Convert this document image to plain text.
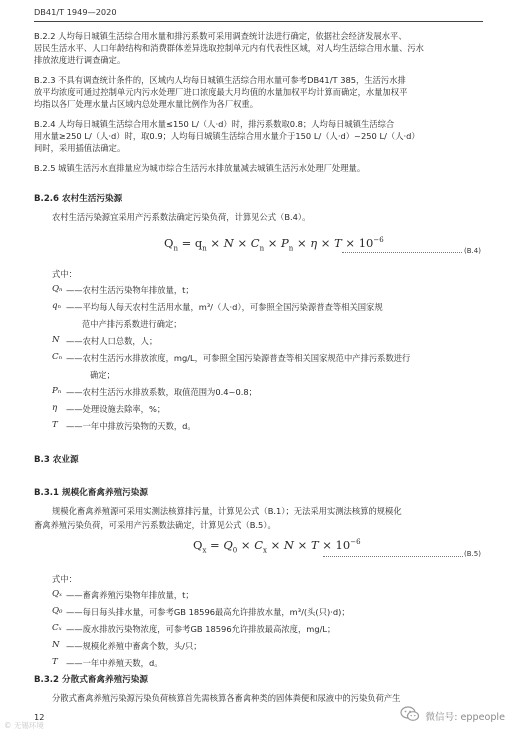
DB41/T 1949—2020
B.2.2 人均每日城镇生活综合用水量和排污系数可采用调查统计法进行确定，依据社会经济发展水平、
居民生活水平、人口年龄结构和消费群体差异选取控制单元内有代表性区域，对人均生活综合用水量、污水
排放浓度进行调查确定。
B.2.3 不具有调查统计条件的，区域内人均每日城镇生活综合用水量可参考DB41/T 385，生活污水排
放平均浓度可通过控制单元内污水处理厂进口浓度最大月均值的水量加权平均计算而确定，水量加权平
均指以各厂处理水量占区域内总处理水量比例作为各厂权重。
B.2.4 人均每日城镇生活综合用水量≤150 L/（人·d）时，排污系数取0.8；人均每日城镇生活综合
用水量≥250 L/（人·d）时，取0.9；人均每日城镇生活综合用水量介于150 L/（人·d）~250 L/（人·d）
间时，采用插值法确定。
B.2.5 城镇生活污水直排量应为城市综合生活污水排放量减去城镇生活污水处理厂处理量。
B.2.6 农村生活污染源
农村生活污染源宜采用产污系数法确定污染负荷，计算见公式（B.4）。
$Q_n = q_n \times N \times C_n \times P_n \times \eta \times T \times 10^{-6}$
(B.4)
式中：
Qₙ ——农村生活污染物年排放量，t；
qₙ ——平均每人每天农村生活用水量，m³/（人·d），可参照全国污染源普查等相关国家规
范中产排污系数进行确定；
N ——农村人口总数，人；
Cₙ ——农村生活污水排放浓度，mg/L，可参照全国污染源普查等相关国家规范中产排污系数进行
确定；
Pₙ ——农村生活污水排放系数，取值范围为0.4~0.8；
η ——处理设施去除率，%；
T ——一年中排放污染物的天数，d。
B.3 农业源
B.3.1 规模化畜禽养殖污染源
规模化畜禽养殖源可采用实测法核算排污量，计算见公式（B.1）；无法采用实测法核算的规模化
畜禽养殖污染负荷，可采用产污系数法确定，计算见公式（B.5）。
$Q_x = Q_0 \times C_x \times N \times T \times 10^{-6}$
(B.5)
式中：
Qₓ ——畜禽养殖污染物年排放量，t；
Q₀ ——每日每头排水量，可参考GB 18596最高允许排放水量，m³/(头(只)·d)；
Cₓ ——废水排放污染物浓度，可参考GB 18596允许排放最高浓度，mg/L；
N ——规模化养殖中畜禽个数，头/只；
T ——一年中养殖天数，d。
B.3.2 分散式畜禽养殖污染源
分散式畜禽养殖污染源污染负荷核算首先需核算各畜禽种类的固体粪便和尿液中的污染负荷产生
12
© 无锡环境
微信号: eppeople
